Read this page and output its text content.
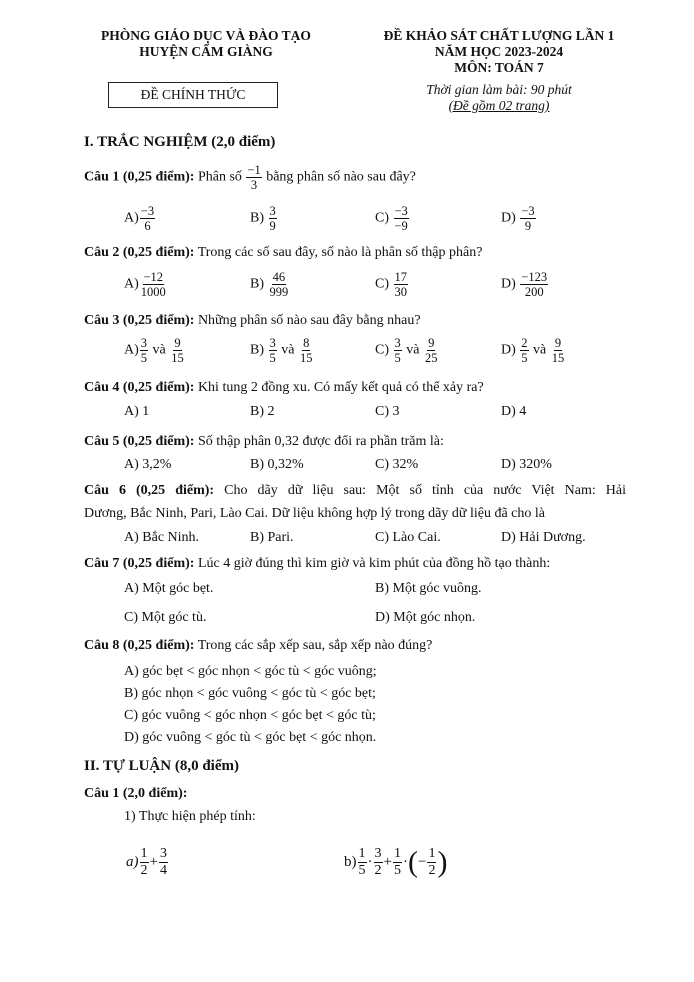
PHÒNG GIÁO DỤC VÀ ĐÀO TẠO
HUYỆN CẨM GIÀNG
ĐỀ CHÍNH THỨC
ĐỀ KHẢO SÁT CHẤT LƯỢNG LẦN 1
NĂM HỌC 2023-2024
MÔN: TOÁN 7
Thời gian làm bài: 90 phút
(Đề gồm 02 trang)
I. TRẮC NGHIỆM (2,0 điểm)
Câu 1 (0,25 điểm): Phân số $\frac{-1}{3}$ bằng phân số nào sau đây?
$A) \frac{-3}{6}$	$B) \frac{3}{9}$	$C) \frac{-3}{-9}$	$D) \frac{-3}{9}$
Câu 2 (0,25 điểm): Trong các số sau đây, số nào là phân số thập phân?
$A) \frac{-12}{1000}$	$B) \frac{46}{999}$	$C) \frac{17}{30}$	$D) \frac{-123}{200}$
Câu 3 (0,25 điểm): Những phân số nào sau đây bằng nhau?
$A) \frac{3}{5}$ và $\frac{9}{15}$	$B) \frac{3}{5}$ và $\frac{8}{15}$	$C) \frac{3}{5}$ và $\frac{9}{25}$	$D) \frac{2}{5}$ và $\frac{9}{15}$
Câu 4 (0,25 điểm): Khi tung 2 đồng xu. Có mấy kết quả có thể xảy ra?
A) 1	B) 2	C) 3	D) 4
Câu 5 (0,25 điểm): Số thập phân 0,32 được đổi ra phần trăm là:
A) 3,2%	B) 0,32%	C) 32%	D) 320%
Câu 6 (0,25 điểm): Cho dãy dữ liệu sau: Một số tỉnh của nước Việt Nam: Hải
Dương, Bắc Ninh, Pari, Lào Cai. Dữ liệu không hợp lý trong dãy dữ liệu đã cho là
A) Bắc Ninh.	B) Pari.	C) Lào Cai.	D) Hải Dương.
Câu 7 (0,25 điểm): Lúc 4 giờ đúng thì kim giờ và kim phút của đồng hồ tạo thành:
A) Một góc bẹt.	B) Một góc vuông.
C) Một góc tù.	D) Một góc nhọn.
Câu 8 (0,25 điểm): Trong các sắp xếp sau, sắp xếp nào đúng?
A) góc bẹt < góc nhọn < góc tù < góc vuông;
B) góc nhọn < góc vuông < góc tù < góc bẹt;
C) góc vuông < góc nhọn < góc bẹt < góc tù;
D) góc vuông < góc tù < góc bẹt < góc nhọn.
II. TỰ LUẬN (8,0 điểm)
Câu 1 (2,0 điểm):
1) Thực hiện phép tính:
$a) \frac{1}{2} + \frac{3}{4}$	$b) \frac{1}{5} \cdot \frac{3}{2} + \frac{1}{5}$ ·(− $\frac{1}{2}$ )
